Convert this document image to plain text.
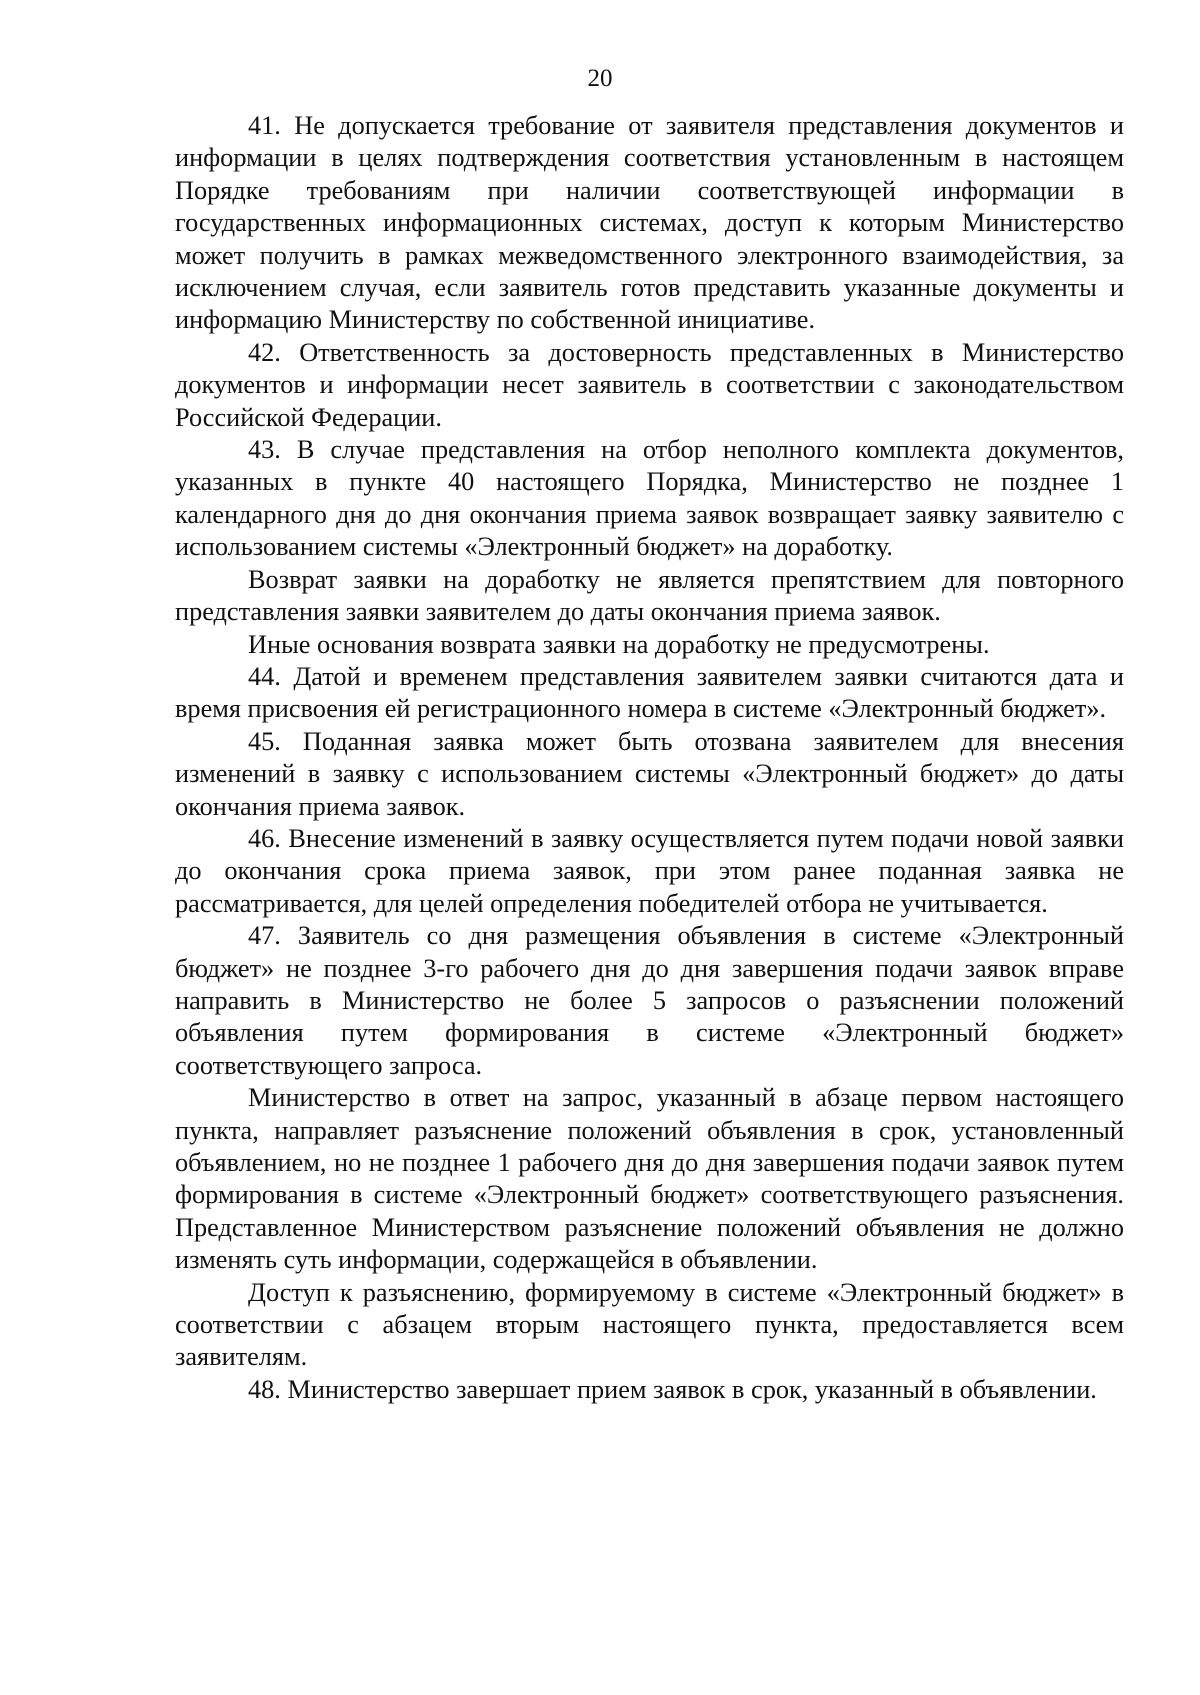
20

41. Не допускается требование от заявителя представления документов и информации в целях подтверждения соответствия установленным в настоящем Порядке требованиям при наличии соответствующей информации в государственных информационных системах, доступ к которым Министерство может получить в рамках межведомственного электронного взаимодействия, за исключением случая, если заявитель готов представить указанные документы и информацию Министерству по собственной инициативе.

42. Ответственность за достоверность представленных в Министерство документов и информации несет заявитель в соответствии с законодательством Российской Федерации.

43. В случае представления на отбор неполного комплекта документов, указанных в пункте 40 настоящего Порядка, Министерство не позднее 1 календарного дня до дня окончания приема заявок возвращает заявку заявителю с использованием системы «Электронный бюджет» на доработку.

Возврат заявки на доработку не является препятствием для повторного представления заявки заявителем до даты окончания приема заявок.

Иные основания возврата заявки на доработку не предусмотрены.

44. Датой и временем представления заявителем заявки считаются дата и время присвоения ей регистрационного номера в системе «Электронный бюджет».

45. Поданная заявка может быть отозвана заявителем для внесения изменений в заявку с использованием системы «Электронный бюджет» до даты окончания приема заявок.

46. Внесение изменений в заявку осуществляется путем подачи новой заявки до окончания срока приема заявок, при этом ранее поданная заявка не рассматривается, для целей определения победителей отбора не учитывается.

47. Заявитель со дня размещения объявления в системе «Электронный бюджет» не позднее 3-го рабочего дня до дня завершения подачи заявок вправе направить в Министерство не более 5 запросов о разъяснении положений объявления путем формирования в системе «Электронный бюджет» соответствующего запроса.

Министерство в ответ на запрос, указанный в абзаце первом настоящего пункта, направляет разъяснение положений объявления в срок, установленный объявлением, но не позднее 1 рабочего дня до дня завершения подачи заявок путем формирования в системе «Электронный бюджет» соответствующего разъяснения. Представленное Министерством разъяснение положений объявления не должно изменять суть информации, содержащейся в объявлении.

Доступ к разъяснению, формируемому в системе «Электронный бюджет» в соответствии с абзацем вторым настоящего пункта, предоставляется всем заявителям.

48. Министерство завершает прием заявок в срок, указанный в объявлении.
